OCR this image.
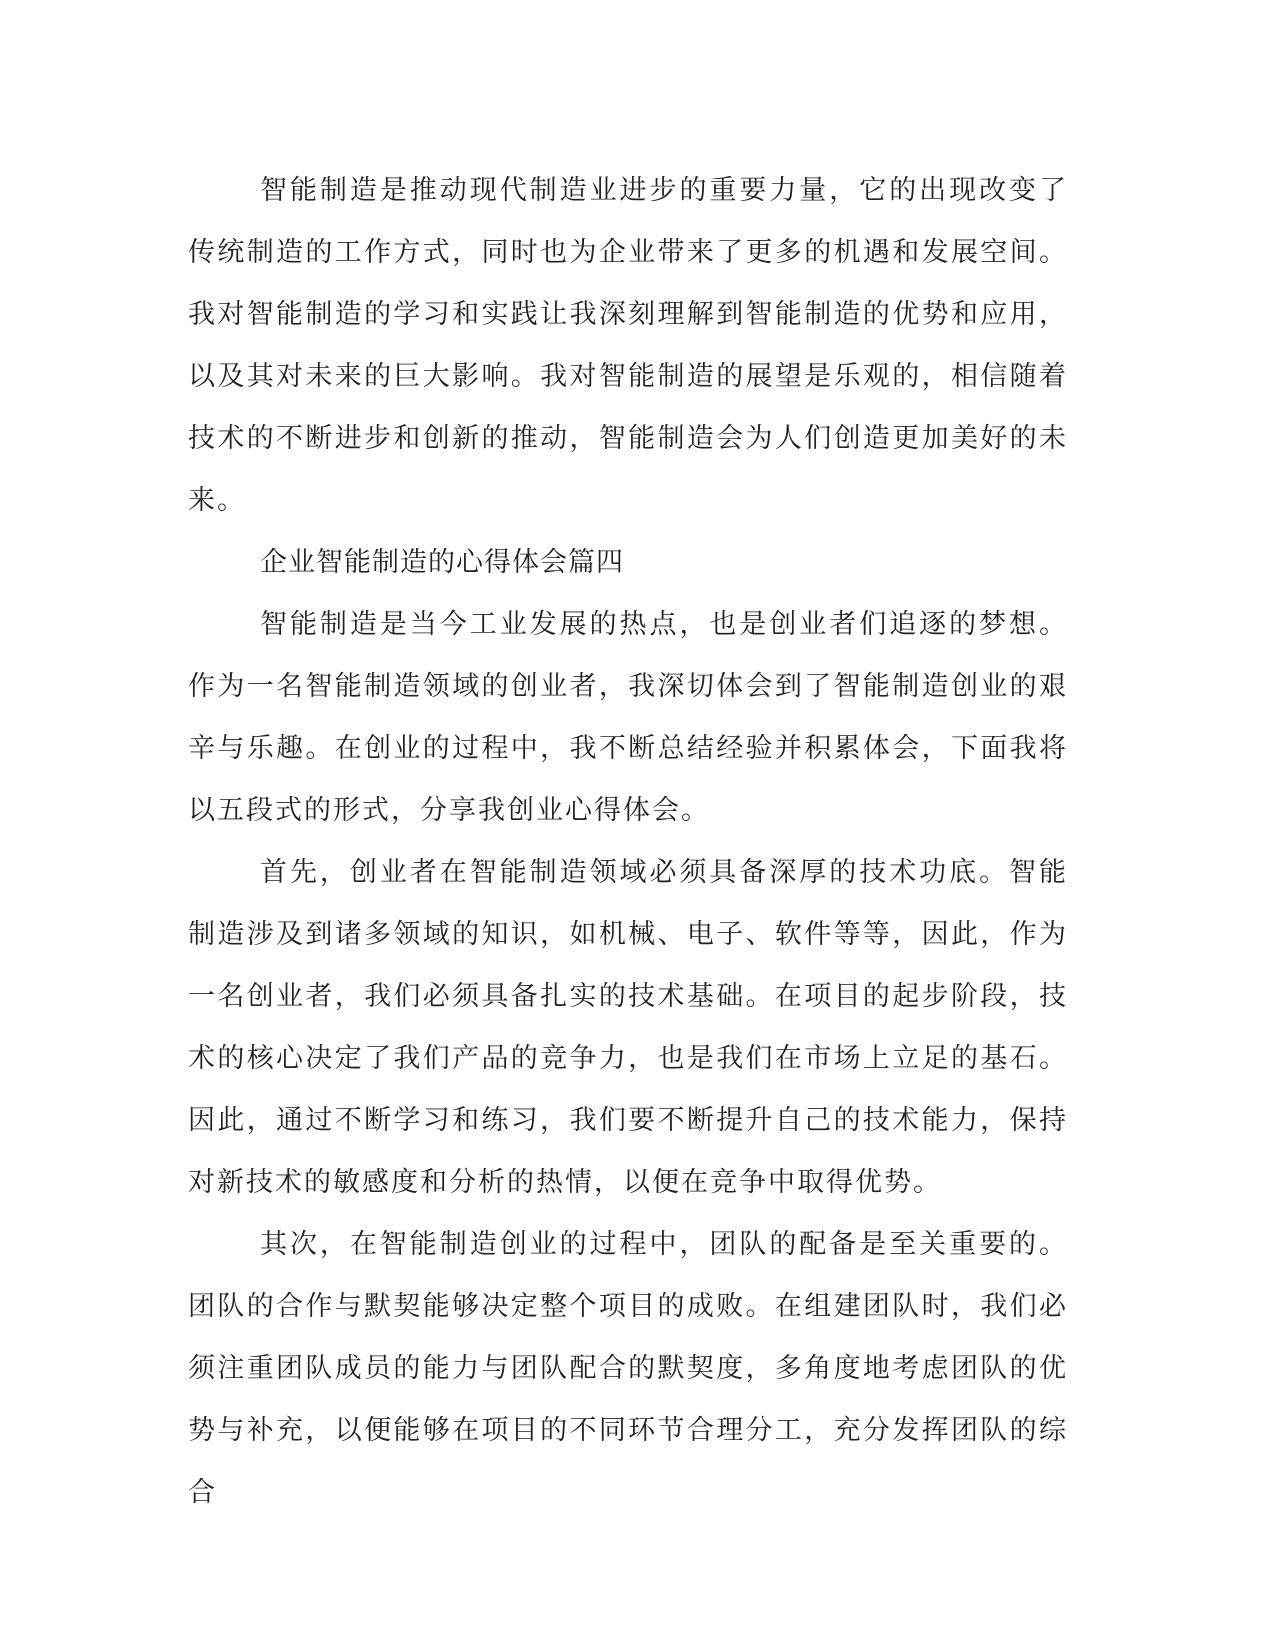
智能制造是推动现代制造业进步的重要力量，它的出现改变了传统制造的工作方式，同时也为企业带来了更多的机遇和发展空间。我对智能制造的学习和实践让我深刻理解到智能制造的优势和应用，以及其对未来的巨大影响。我对智能制造的展望是乐观的，相信随着技术的不断进步和创新的推动，智能制造会为人们创造更加美好的未来。

企业智能制造的心得体会篇四

智能制造是当今工业发展的热点，也是创业者们追逐的梦想。作为一名智能制造领域的创业者，我深切体会到了智能制造创业的艰辛与乐趣。在创业的过程中，我不断总结经验并积累体会，下面我将以五段式的形式，分享我创业心得体会。

首先，创业者在智能制造领域必须具备深厚的技术功底。智能制造涉及到诸多领域的知识，如机械、电子、软件等等，因此，作为一名创业者，我们必须具备扎实的技术基础。在项目的起步阶段，技术的核心决定了我们产品的竞争力，也是我们在市场上立足的基石。因此，通过不断学习和练习，我们要不断提升自己的技术能力，保持对新技术的敏感度和分析的热情，以便在竞争中取得优势。

其次，在智能制造创业的过程中，团队的配备是至关重要的。团队的合作与默契能够决定整个项目的成败。在组建团队时，我们必须注重团队成员的能力与团队配合的默契度，多角度地考虑团队的优势与补充，以便能够在项目的不同环节合理分工，充分发挥团队的综合
